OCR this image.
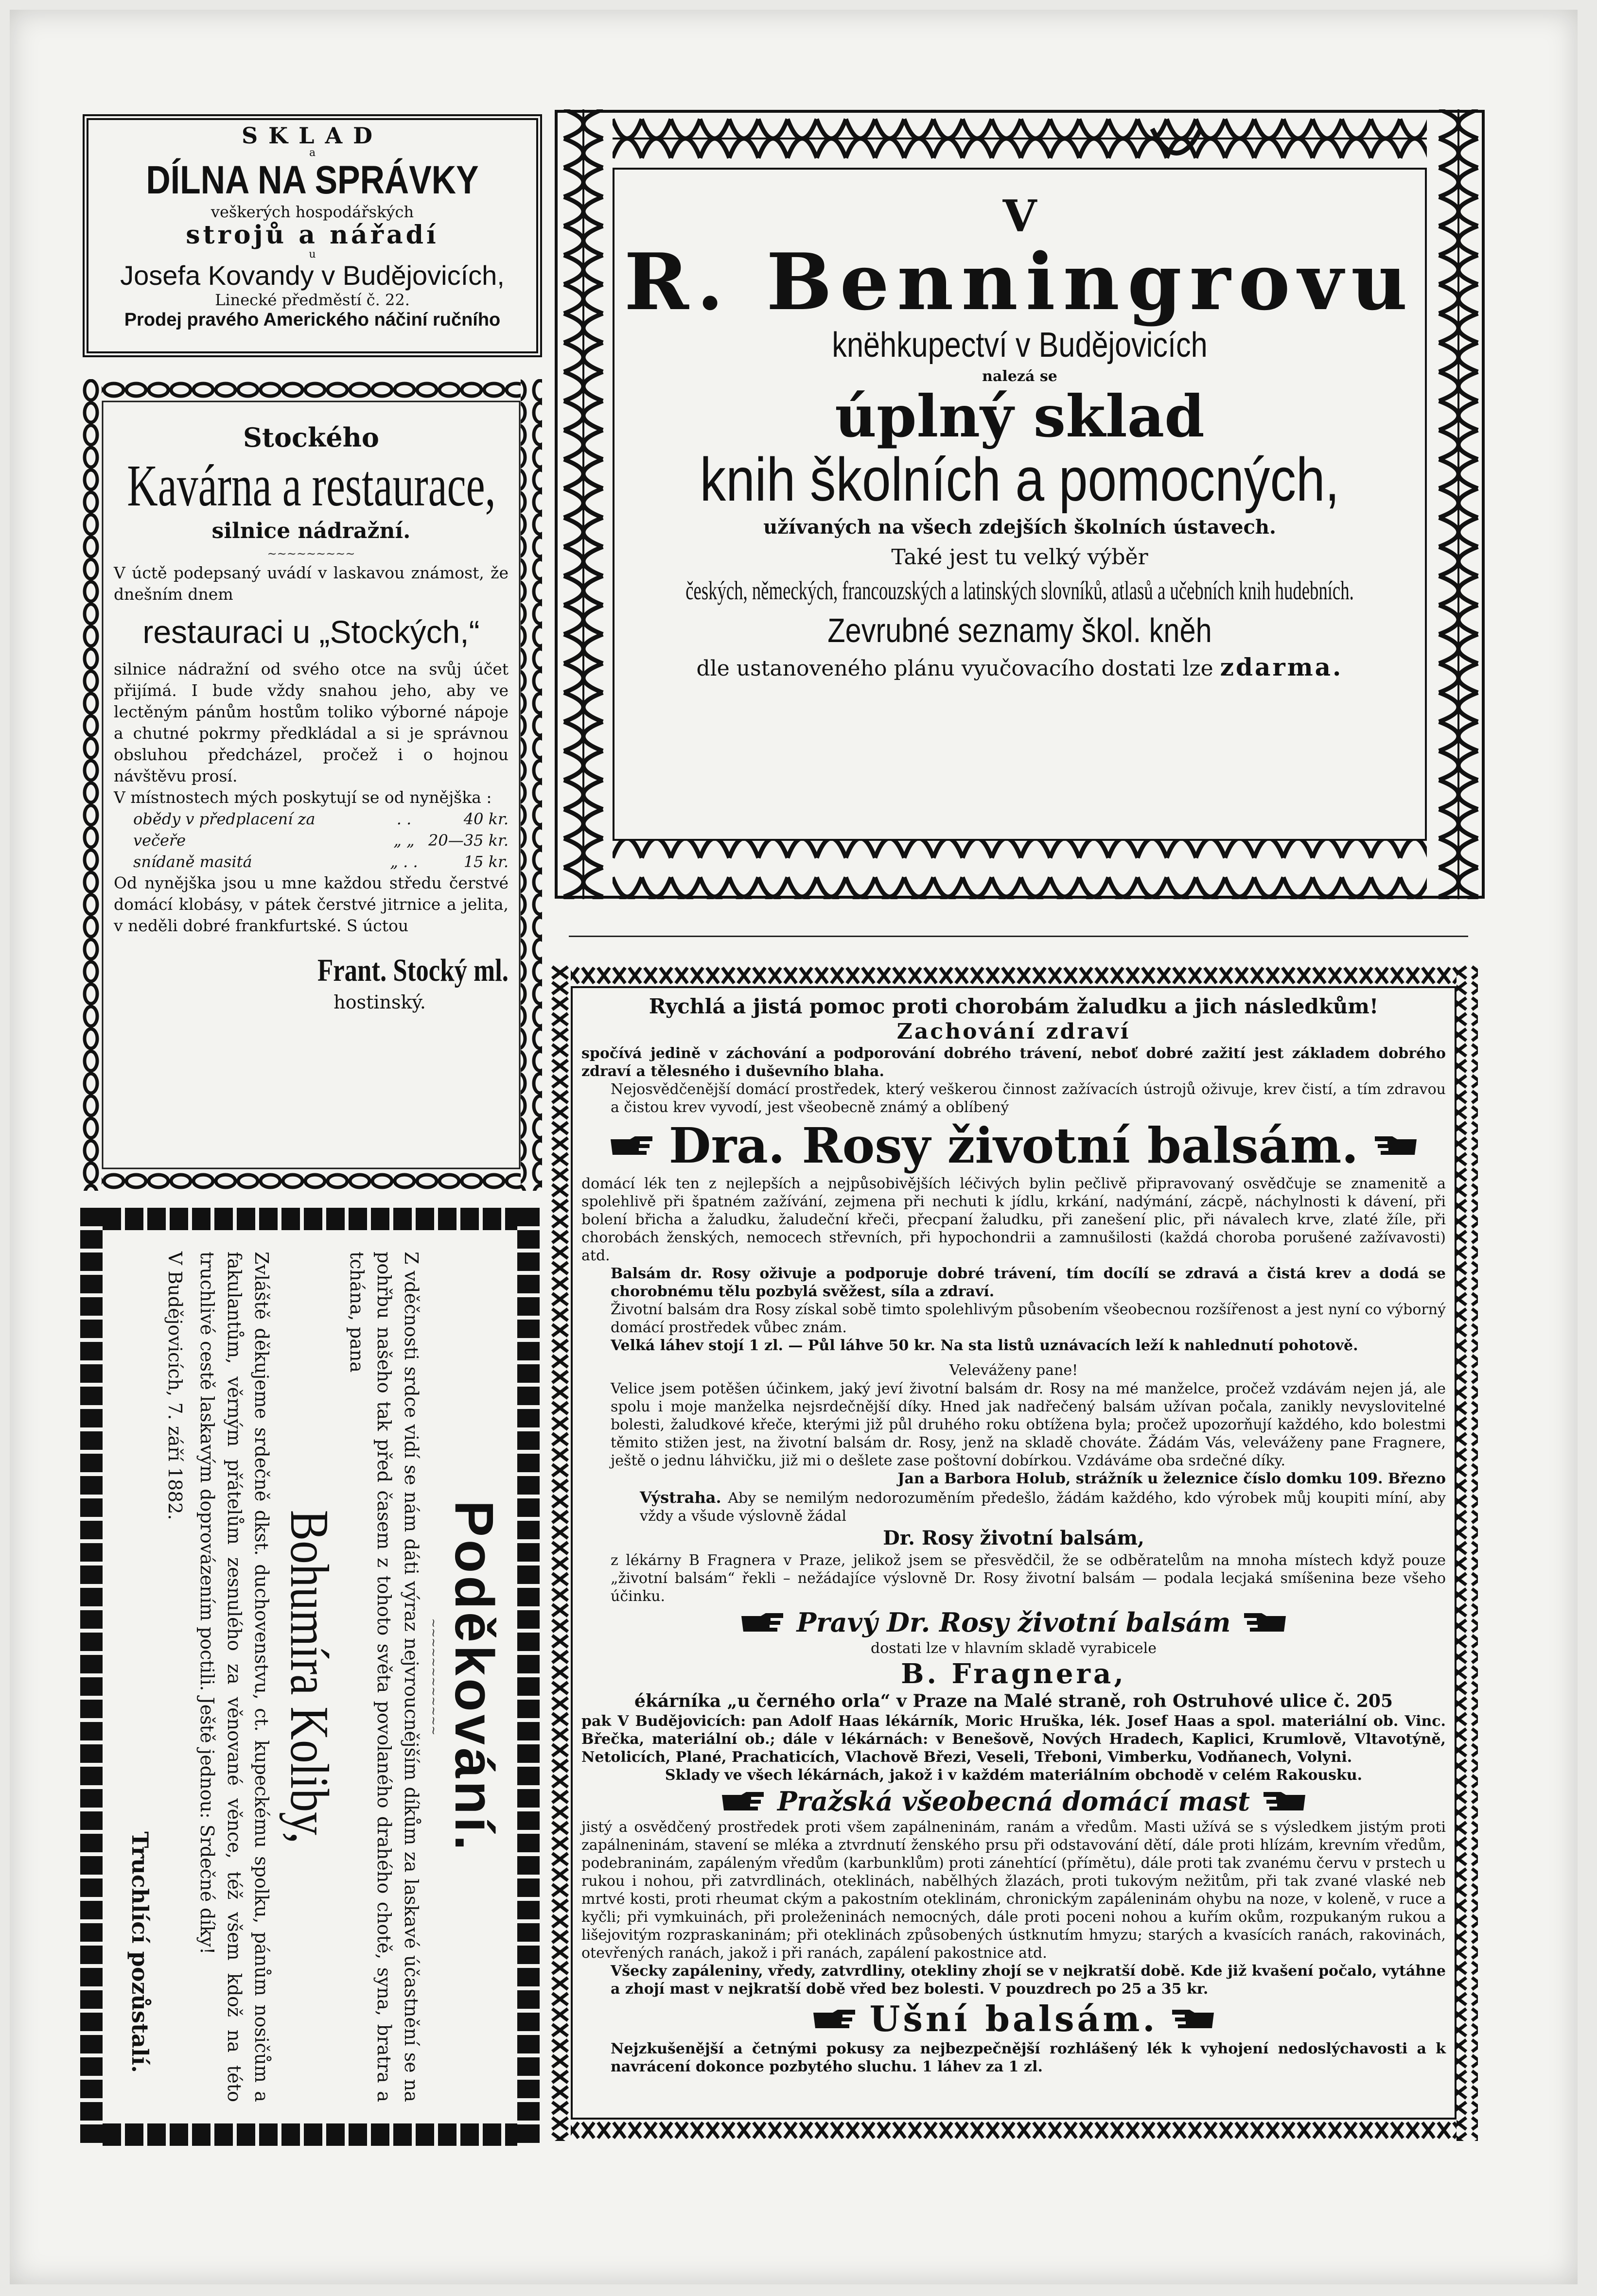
SKLAD

a

DÍLNA NA SPRÁVKY

veškerých hospodářských

strojů a nářadí

u

Josefa Kovandy v Budějovicích,

Linecké předměstí č. 22.

Prodej pravého Amerického náčiní ručního

Stockého

Kavárna a restaurace,

silnice nádražní.

∼∼∼∼∼∼∼∼∼

V úctě podepsaný uvádí v laskavou známost, že dnešním dnem

restauraci u „Stockých,“

silnice nádražní od svého otce na svůj účet přijímá. I bude vždy snahou jeho, aby ve lectěným pánům hostům toliko výborné nápoje a chutné pokrmy předkládal a si je správnou obsluhou předcházel, pročež i o hojnou návštěvu prosí.

V místnostech mých poskytují se od nynějška :

obědy v předplacení za	. .	40 kr.
večeře	„ „ 20—35 kr.
snídaně masitá	„ . .	15 kr.

Od nynějška jsou u mne každou středu čerstvé domácí klobásy, v pátek čerstvé jitrnice a jelita, v neděli dobré frankfurtské. S úctou

Frant. Stocký ml.

hostinský.

Poděkování.

∼∼∼∼∼∼∼∼∼∼∼∼

Z vděčnosti srdce vidí se nám dáti výraz nejvroucnějším díkům za laskavé účastnění se na pohřbu našeho tak před časem z tohoto světa povolaného drahého chotě, syna, bratra a tchána, pana

Bohumíra Koliby,

Zvláště děkujeme srdečně dkst. duchovenstvu, ct. kupeckému spolku, pánům nosičům a fakulantům, věrným přátelům zesnulého za věnované věnce, též všem kdož na této truchlivé cestě laskavým doprovázením poctili. Ještě jednou: Srdečné díky!

V Budějovicích, 7. září 1882.

Truchlící pozůstalí.

V

R. Benningrovu

knëhkupectví v Budějovicích

nalezá se

úplný sklad

knih školních a pomocných,

užívaných na všech zdejších školních ústavech.

Také jest tu velký výběr

českých, německých, francouzských a latinských slovníků, atlasů a učebních knih hudebních.

Zevrubné seznamy škol. kněh

dle ustanoveného plánu vyučovacího dostati lze zdarma.

Rychlá a jistá pomoc proti chorobám žaludku a jich následkům!

Zachování zdraví

spočívá jedině v záchování a podporování dobrého trávení, neboť dobré zažití jest základem dobrého zdraví a tělesného i duševního blaha.

Nejosvědčenější domácí prostředek, který veškerou činnost zažívacích ústrojů oživuje, krev čistí, a tím zdravou a čistou krev vyvodí, jest všeobecně známý a oblíbený

Dra. Rosy životní balsám.

domácí lék ten z nejlepších a nejpůsobivějších léčivých bylin pečlivě připravovaný osvědčuje se znamenitě a spolehlivě při špatném zažívání, zejmena při nechuti k jídlu, krkání, nadýmání, zácpě, náchylnosti k dávení, při bolení břicha a žaludku, žaludeční křeči, přecpaní žaludku, při zanešení plic, při návalech krve, zlaté žíle, při chorobách ženských, nemocech střevních, při hypochondrii a zamnušilosti (každá choroba porušené zažívavosti) atd.

Balsám dr. Rosy oživuje a podporuje dobré trávení, tím docílí se zdravá a čistá krev a dodá se chorobnému tělu pozbylá svěžest, síla a zdraví.

Životní balsám dra Rosy získal sobě timto spolehlivým působením všeobecnou rozšířenost a jest nyní co výborný domácí prostředek vůbec znám.

Velká láhev stojí 1 zl. — Půl láhve 50 kr. Na sta listů uznávacích leží k nahlednutí pohotově.

Veleváženy pane!

Velice jsem potěšen účinkem, jaký jeví životní balsám dr. Rosy na mé manželce, pročež vzdávám nejen já, ale spolu i moje manželka nejsrdečnější díky. Hned jak nadřečený balsám užívan počala, zanikly nevyslovitelné bolesti, žaludkové křeče, kterými již půl druhého roku obtížena byla; pročež upozorňují každého, kdo bolestmi těmito stižen jest, na životní balsám dr. Rosy, jenž na skladě chováte. Žádám Vás, veleváženy pane Fragnere, ještě o jednu láhvičku, již mi o dešlete zase poštovní dobírkou. Vzdáváme oba srdečné díky.

Jan a Barbora Holub, strážník u železnice číslo domku 109. Březno

Výstraha. Aby se nemilým nedorozuměním předešlo, žádám každého, kdo výrobek můj koupiti míní, aby vždy a všude výslovně žádal

Dr. Rosy životní balsám,

z lékárny B Fragnera v Praze, jelikož jsem se přesvědčil, že se odběratelům na mnoha místech když pouze „životní balsám“ řekli – nežádajíce výslovně Dr. Rosy životní balsám — podala lecjaká smíšenina beze všeho účinku.

Pravý Dr. Rosy životní balsám

dostati lze v hlavním skladě vyrabicele

B. Fragnera,

ékárníka „u černého orla“ v Praze na Malé straně, roh Ostruhové ulice č. 205

pak V Budějovicích: pan Adolf Haas lékárník, Moric Hruška, lék. Josef Haas a spol. materiální ob. Vinc. Břečka, materiální ob.; dále v lékárnách: v Benešově, Nových Hradech, Kaplici, Krumlově, Vltavotýně, Netolicích, Plané, Prachaticích, Vlachově Březi, Veseli, Třeboni, Vimberku, Vodňanech, Volyni.

Sklady ve všech lékárnách, jakož i v každém materiálním obchodě v celém Rakousku.

Pražská všeobecná domácí mast

jistý a osvědčený prostředek proti všem zapálneninám, ranám a vředům. Masti užívá se s výsledkem jistým proti zapálneninám, stavení se mléka a ztvrdnutí ženského prsu při odstavování dětí, dále proti hlízám, krevním vředům, podebraninám, zapáleným vředům (karbunklům) proti zánehtící (přímětu), dále proti tak zvanému červu v prstech u rukou i nohou, při zatvrdlinách, oteklinách, nabělhých žlazách, proti tukovým nežitům, při tak zvané vlaské neb mrtvé kosti, proti rheumat ckým a pakostním oteklinám, chronickým zapáleninám ohybu na noze, v koleně, v ruce a kyčli; při vymkuinách, při proleženinách nemocných, dále proti poceni nohou a kuřím okům, rozpukaným rukou a lišejovitým rozpraskaninám; při oteklinách způsobených ústknutím hmyzu; starých a kvasících ranách, rakovinách, otevřených ranách, jakož i při ranách, zapálení pakostnice atd.

Všecky zapáleniny, vředy, zatvrdliny, otekliny zhojí se v nejkratší době. Kde již kvašení počalo, vytáhne a zhojí mast v nejkratší době vřed bez bolesti. V pouzdrech po 25 a 35 kr.

Ušní balsám.

Nejzkušenější a četnými pokusy za nejbezpečnější rozhlášený lék k vyhojení nedoslýchavosti a k navrácení dokonce pozbytého sluchu. 1 láhev za 1 zl.
